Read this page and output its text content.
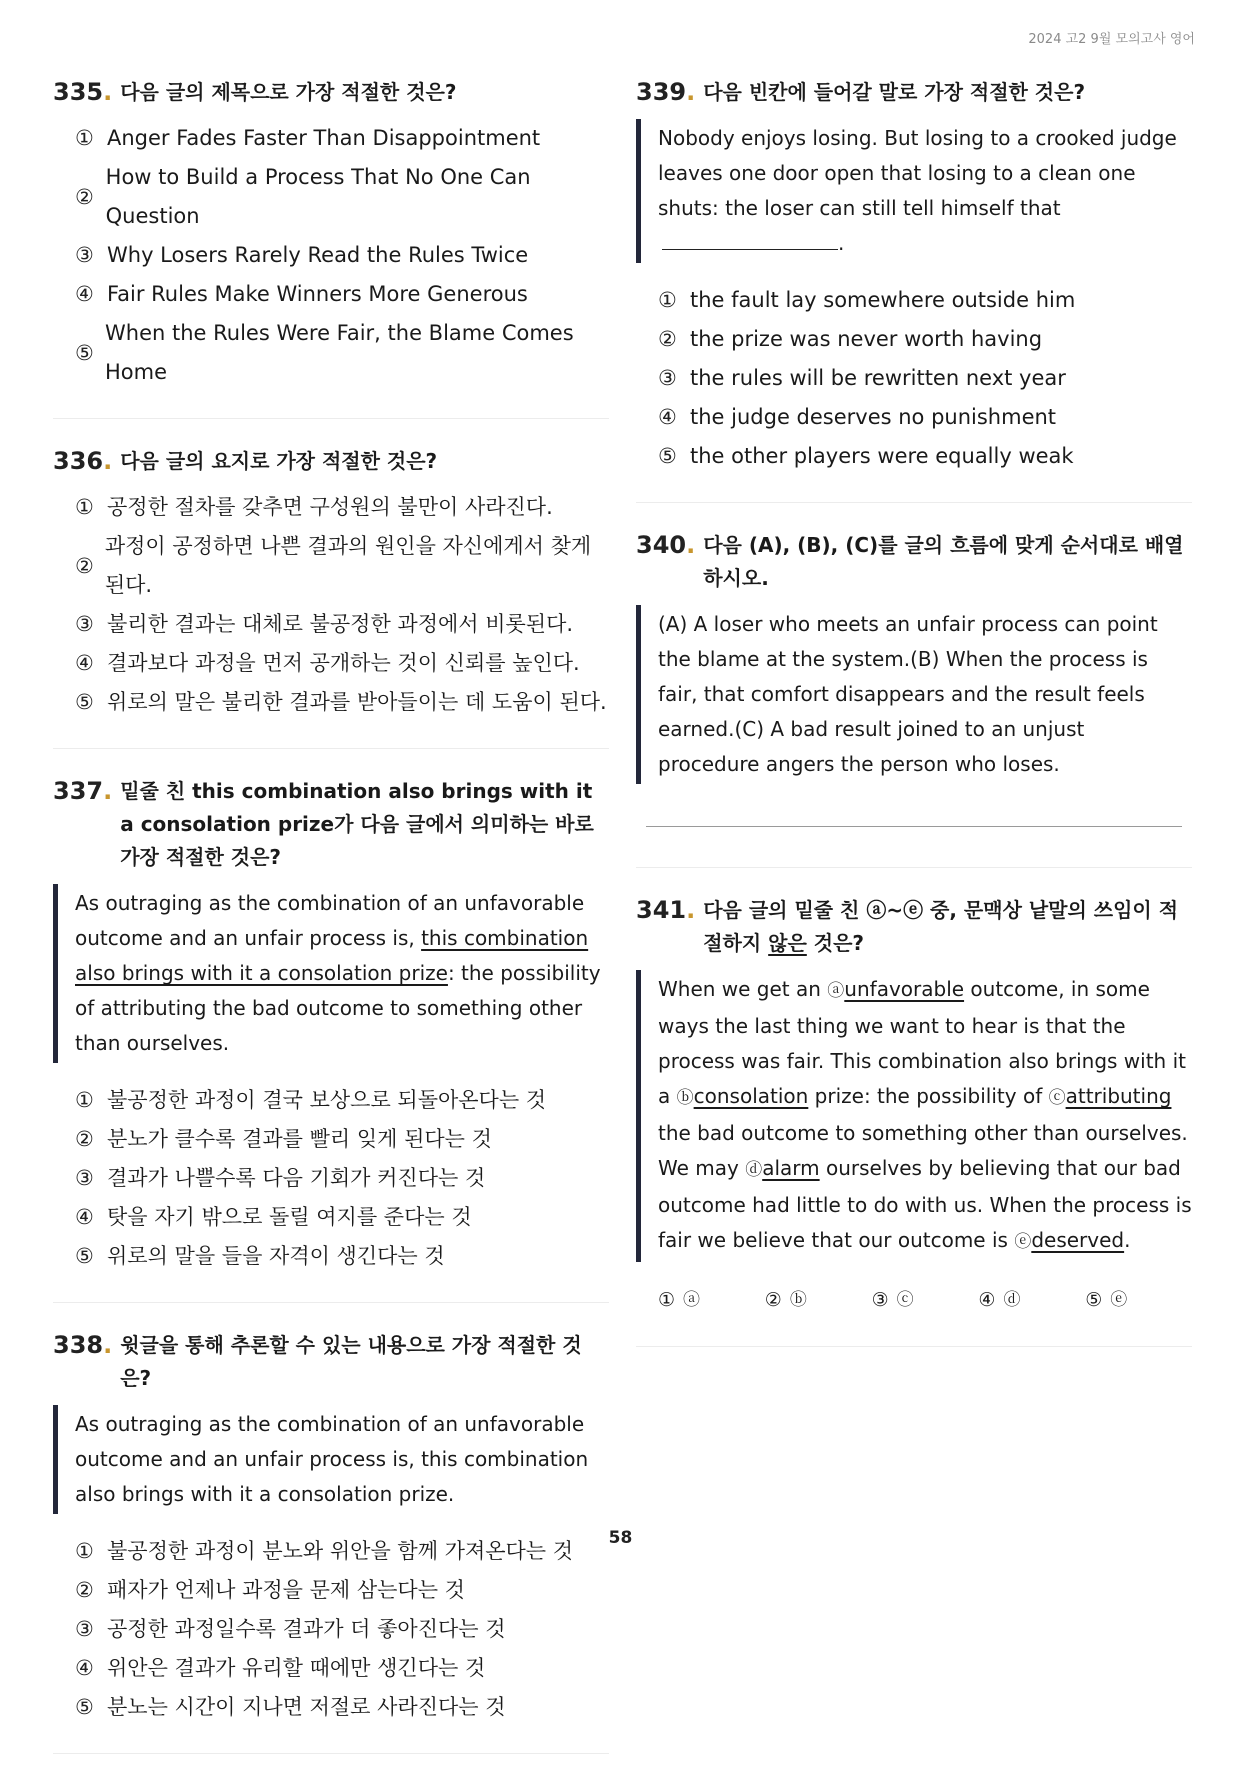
2024 고2 9월 모의고사 영어
335. 다음 글의 제목으로 가장 적절한 것은?
① Anger Fades Faster Than Disappointment
②
How to Build a Process That No One Can Question
③ Why Losers Rarely Read the Rules Twice
④ Fair Rules Make Winners More Generous
⑤
When the Rules Were Fair, the Blame Comes Home
336. 다음 글의 요지로 가장 적절한 것은?
① 공정한 절차를 갖추면 구성원의 불만이 사라진다.
②
과정이 공정하면 나쁜 결과의 원인을 자신에게서 찾게 된다.
③ 불리한 결과는 대체로 불공정한 과정에서 비롯된다.
④ 결과보다 과정을 먼저 공개하는 것이 신뢰를 높인다.
⑤ 위로의 말은 불리한 결과를 받아들이는 데 도움이 된다.
337. 밑줄 친 this combination also brings with it a consolation prize가 다음 글에서 의미하는 바로 가장 적절한 것은?
As outraging as the combination of an unfavorable outcome and an unfair process is, this combination also brings with it a consolation prize: the possibility of attributing the bad outcome to something other than ourselves.
① 불공정한 과정이 결국 보상으로 되돌아온다는 것
② 분노가 클수록 결과를 빨리 잊게 된다는 것
③ 결과가 나쁠수록 다음 기회가 커진다는 것
④ 탓을 자기 밖으로 돌릴 여지를 준다는 것
⑤ 위로의 말을 들을 자격이 생긴다는 것
338. 윗글을 통해 추론할 수 있는 내용으로 가장 적절한 것은?
As outraging as the combination of an unfavorable outcome and an unfair process is, this combination also brings with it a consolation prize.
① 불공정한 과정이 분노와 위안을 함께 가져온다는 것
② 패자가 언제나 과정을 문제 삼는다는 것
③ 공정한 과정일수록 결과가 더 좋아진다는 것
④ 위안은 결과가 유리할 때에만 생긴다는 것
⑤ 분노는 시간이 지나면 저절로 사라진다는 것
339. 다음 빈칸에 들어갈 말로 가장 적절한 것은?
Nobody enjoys losing. But losing to a crooked judge leaves one door open that losing to a clean one shuts: the loser can still tell himself that.
① the fault lay somewhere outside him
② the prize was never worth having
③ the rules will be rewritten next year
④ the judge deserves no punishment
⑤ the other players were equally weak
340. 다음 (A), (B), (C)를 글의 흐름에 맞게 순서대로 배열하시오.
(A) A loser who meets an unfair process can point the blame at the system.(B) When the process is fair, that comfort disappears and the result feels earned.(C) A bad result joined to an unjust procedure angers the person who loses.
341. 다음 글의 밑줄 친 ⓐ~ⓔ 중, 문맥상 낱말의 쓰임이 적절하지 않은 것은?
When we get an ⓐunfavorable outcome, in some ways the last thing we want to hear is that the process was fair. This combination also brings with it a ⓑconsolation prize: the possibility of ⓒattributing the bad outcome to something other than ourselves. We may ⓓalarm ourselves by believing that our bad outcome had little to do with us. When the process is fair we believe that our outcome is ⓔdeserved.
① ⓐ	② ⓑ	③ ⓒ	④ ⓓ	⑤ ⓔ
58
